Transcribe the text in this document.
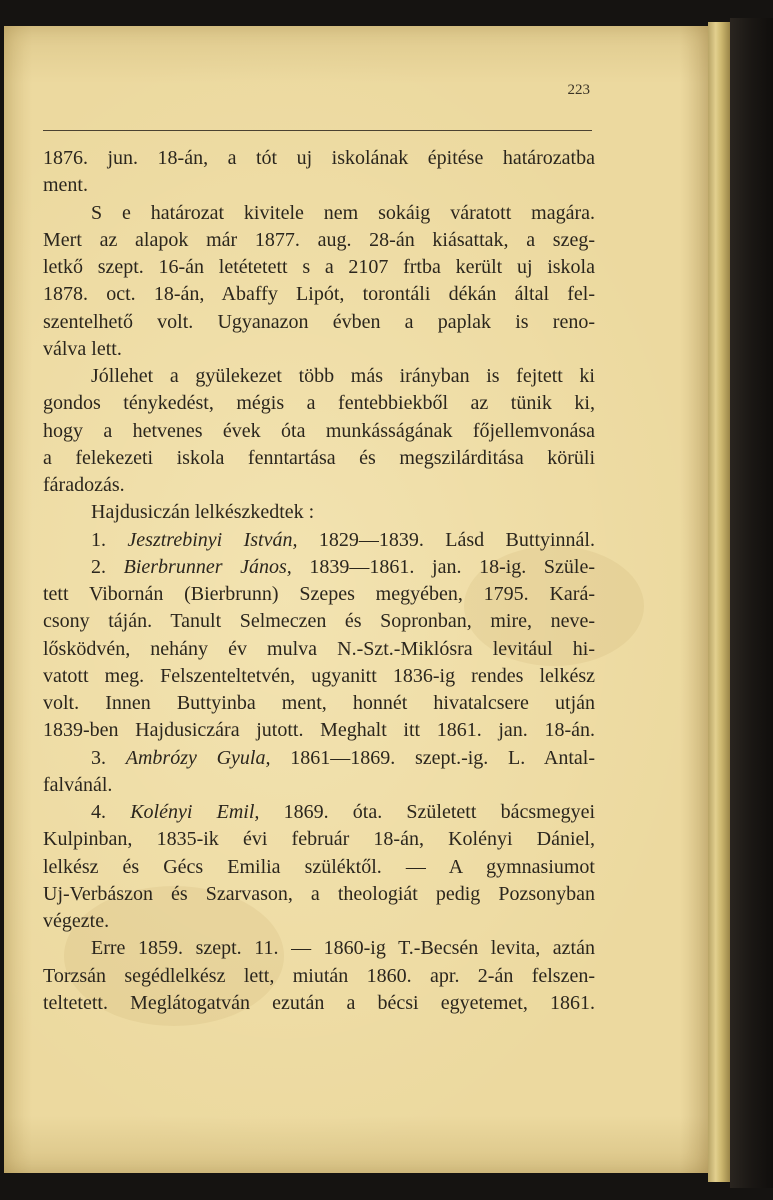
223
1876. jun. 18-án, a tót uj iskolának épitése határozatba
ment.
S e határozat kivitele nem sokáig váratott magára.
Mert az alapok már 1877. aug. 28-án kiásattak, a szeg-
letkő szept. 16-án letétetett s a 2107 frtba került uj iskola
1878. oct. 18-án, Abaffy Lipót, torontáli dékán által fel-
szentelhető volt. Ugyanazon évben a paplak is reno-
válva lett.
Jóllehet a gyülekezet több más irányban is fejtett ki
gondos ténykedést, mégis a fentebbiekből az tünik ki,
hogy a hetvenes évek óta munkásságának főjellemvonása
a felekezeti iskola fenntartása és megszilárditása körüli
fáradozás.
Hajdusiczán lelkészkedtek :
1. Jesztrebinyi István, 1829—1839. Lásd Buttyinnál.
2. Bierbrunner János, 1839—1861. jan. 18-ig. Szüle-
tett Vibornán (Bierbrunn) Szepes megyében, 1795. Kará-
csony táján. Tanult Selmeczen és Sopronban, mire, neve-
lősködvén, nehány év mulva N.-Szt.-Miklósra levitául hi-
vatott meg. Felszenteltetvén, ugyanitt 1836-ig rendes lelkész
volt. Innen Buttyinba ment, honnét hivatalcsere utján
1839-ben Hajdusiczára jutott. Meghalt itt 1861. jan. 18-án.
3. Ambrózy Gyula, 1861—1869. szept.-ig. L. Antal-
falvánál.
4. Kolényi Emil, 1869. óta. Született bácsmegyei
Kulpinban, 1835-ik évi február 18-án, Kolényi Dániel,
lelkész és Gécs Emilia szüléktől. — A gymnasiumot
Uj-Verbászon és Szarvason, a theologiát pedig Pozsonyban
végezte.
Erre 1859. szept. 11. — 1860-ig T.-Becsén levita, aztán
Torzsán segédlelkész lett, miután 1860. apr. 2-án felszen-
teltetett. Meglátogatván ezután a bécsi egyetemet, 1861.
